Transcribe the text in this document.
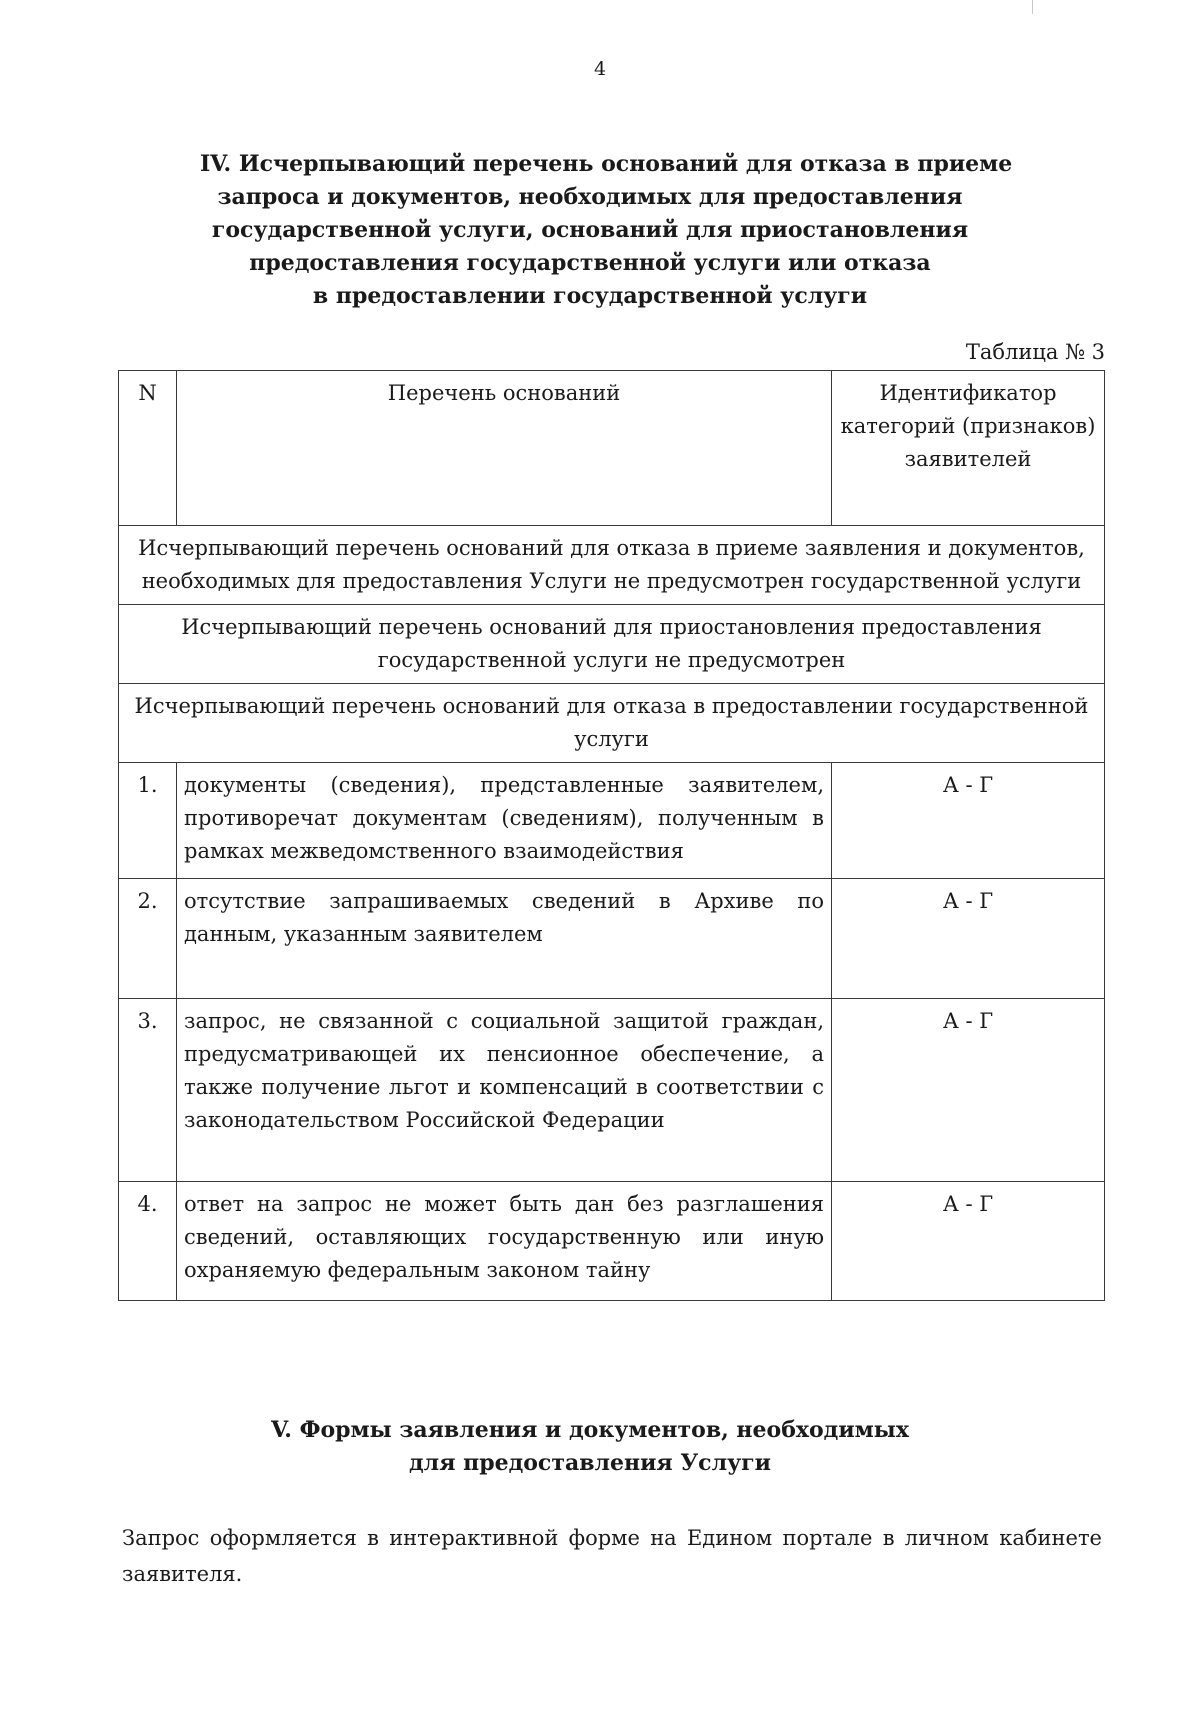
4
IV. Исчерпывающий перечень оснований для отказа в приеме
запроса и документов, необходимых для предоставления
государственной услуги, оснований для приостановления
предоставления государственной услуги или отказа
в предоставлении государственной услуги
Таблица № 3
N	Перечень оснований	Идентификатор категорий (признаков) заявителей
Исчерпывающий перечень оснований для отказа в приеме заявления и документов, необходимых для предоставления Услуги не предусмотрен государственной услуги		
Исчерпывающий перечень оснований для приостановления предоставления государственной услуги не предусмотрен		
Исчерпывающий перечень оснований для отказа в предоставлении государственной услуги		
1.	документы (сведения), представленные заявителем, противоречат документам (сведениям), полученным в рамках межведомственного взаимодействия	А - Г
2.	отсутствие запрашиваемых сведений в Архиве по данным, указанным заявителем	А - Г
3.	запрос, не связанной с социальной защитой граждан, предусматривающей их пенсионное обеспечение, а также получение льгот и компенсаций в соответствии с законодательством Российской Федерации	А - Г
4.	ответ на запрос не может быть дан без разглашения сведений, оставляющих государственную или иную охраняемую федеральным законом тайну	А - Г
V. Формы заявления и документов, необходимых
для предоставления Услуги
Запрос оформляется в интерактивной форме на Едином портале в личном кабинете заявителя.
